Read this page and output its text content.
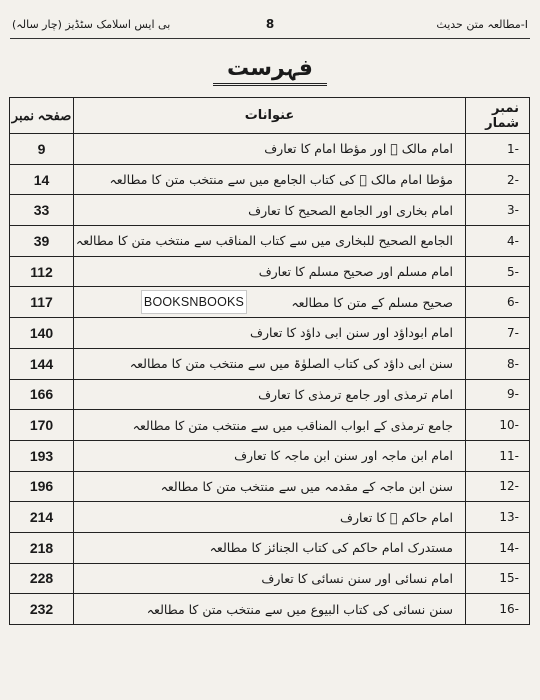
بی ایس اسلامک سٹڈیز (چار سالہ)	8	مطالعہ متن حدیث-I
فہرست
نمبر شمار	عنوانات	صفحہ نمبر
1-	امام مالک ﷫ اور مؤطا امام کا تعارف	9
2-	مؤطا امام مالک ﷫ کی کتاب الجامع میں سے منتخب متن کا مطالعہ	14
3-	امام بخاری اور الجامع الصحیح کا تعارف	33
4-	الجامع الصحیح للبخاری میں سے کتاب المناقب سے منتخب متن کا مطالعہ	39
5-	امام مسلم اور صحیح مسلم کا تعارف	112
6-	صحیح مسلم کے متن کا مطالعہ	117
7-	امام ابوداؤد اور سنن ابی داؤد کا تعارف	140
8-	سنن ابی داؤد کی کتاب الصلوٰۃ میں سے منتخب متن کا مطالعہ	144
9-	امام ترمذی اور جامع ترمذی کا تعارف	166
10-	جامع ترمذی کے ابواب المناقب میں سے منتخب متن کا مطالعہ	170
11-	امام ابن ماجہ اور سنن ابن ماجہ کا تعارف	193
12-	سنن ابن ماجہ کے مقدمہ میں سے منتخب متن کا مطالعہ	196
13-	امام حاکم ﷫ کا تعارف	214
14-	مستدرک امام حاکم کی کتاب الجنائز کا مطالعہ	218
15-	امام نسائی اور سنن نسائی کا تعارف	228
16-	سنن نسائی کی کتاب البیوع میں سے منتخب متن کا مطالعہ	232
BOOKSNBOOKS
